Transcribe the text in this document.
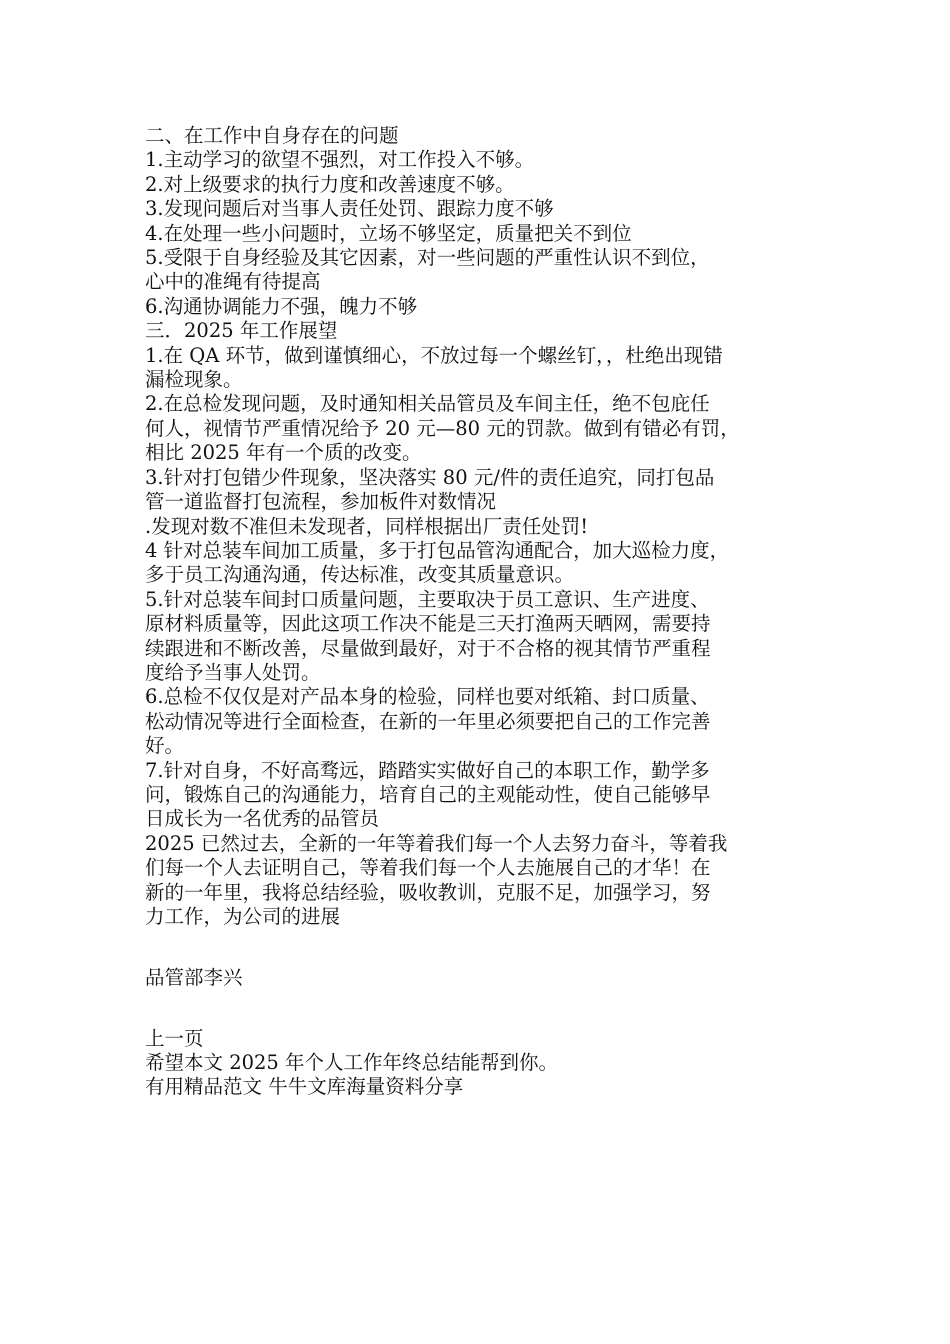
二、在工作中自身存在的问题
1.主动学习的欲望不强烈，对工作投入不够。
2.对上级要求的执行力度和改善速度不够。
3.发现问题后对当事人责任处罚、跟踪力度不够
4.在处理一些小问题时，立场不够坚定，质量把关不到位
5.受限于自身经验及其它因素，对一些问题的严重性认识不到位，
心中的准绳有待提高
6.沟通协调能力不强，魄力不够
三．2025 年工作展望
1.在 QA 环节，做到谨慎细心，不放过每一个螺丝钉，，杜绝出现错
漏检现象。
2.在总检发现问题，及时通知相关品管员及车间主任，绝不包庇任
何人，视情节严重情况给予 20 元—80 元的罚款。做到有错必有罚，
相比 2025 年有一个质的改变。
3.针对打包错少件现象，坚决落实 80 元/件的责任追究，同打包品
管一道监督打包流程，参加板件对数情况
.发现对数不准但未发现者，同样根据出厂责任处罚!
4 针对总装车间加工质量，多于打包品管沟通配合，加大巡检力度，
多于员工沟通沟通，传达标准，改变其质量意识。
5.针对总装车间封口质量问题，主要取决于员工意识、生产进度、
原材料质量等，因此这项工作决不能是三天打渔两天晒网，需要持
续跟进和不断改善，尽量做到最好，对于不合格的视其情节严重程
度给予当事人处罚。
6.总检不仅仅是对产品本身的检验，同样也要对纸箱、封口质量、
松动情况等进行全面检查，在新的一年里必须要把自己的工作完善
好。
7.针对自身，不好高骛远，踏踏实实做好自己的本职工作，勤学多
问，锻炼自己的沟通能力，培育自己的主观能动性，使自己能够早
日成长为一名优秀的品管员
2025 已然过去，全新的一年等着我们每一个人去努力奋斗，等着我
们每一个人去证明自己，等着我们每一个人去施展自己的才华！在
新的一年里，我将总结经验，吸收教训，克服不足，加强学习，努
力工作，为公司的进展
品管部李兴
上一页
希望本文 2025 年个人工作年终总结能帮到你。
有用精品范文 牛牛文库海量资料分享
